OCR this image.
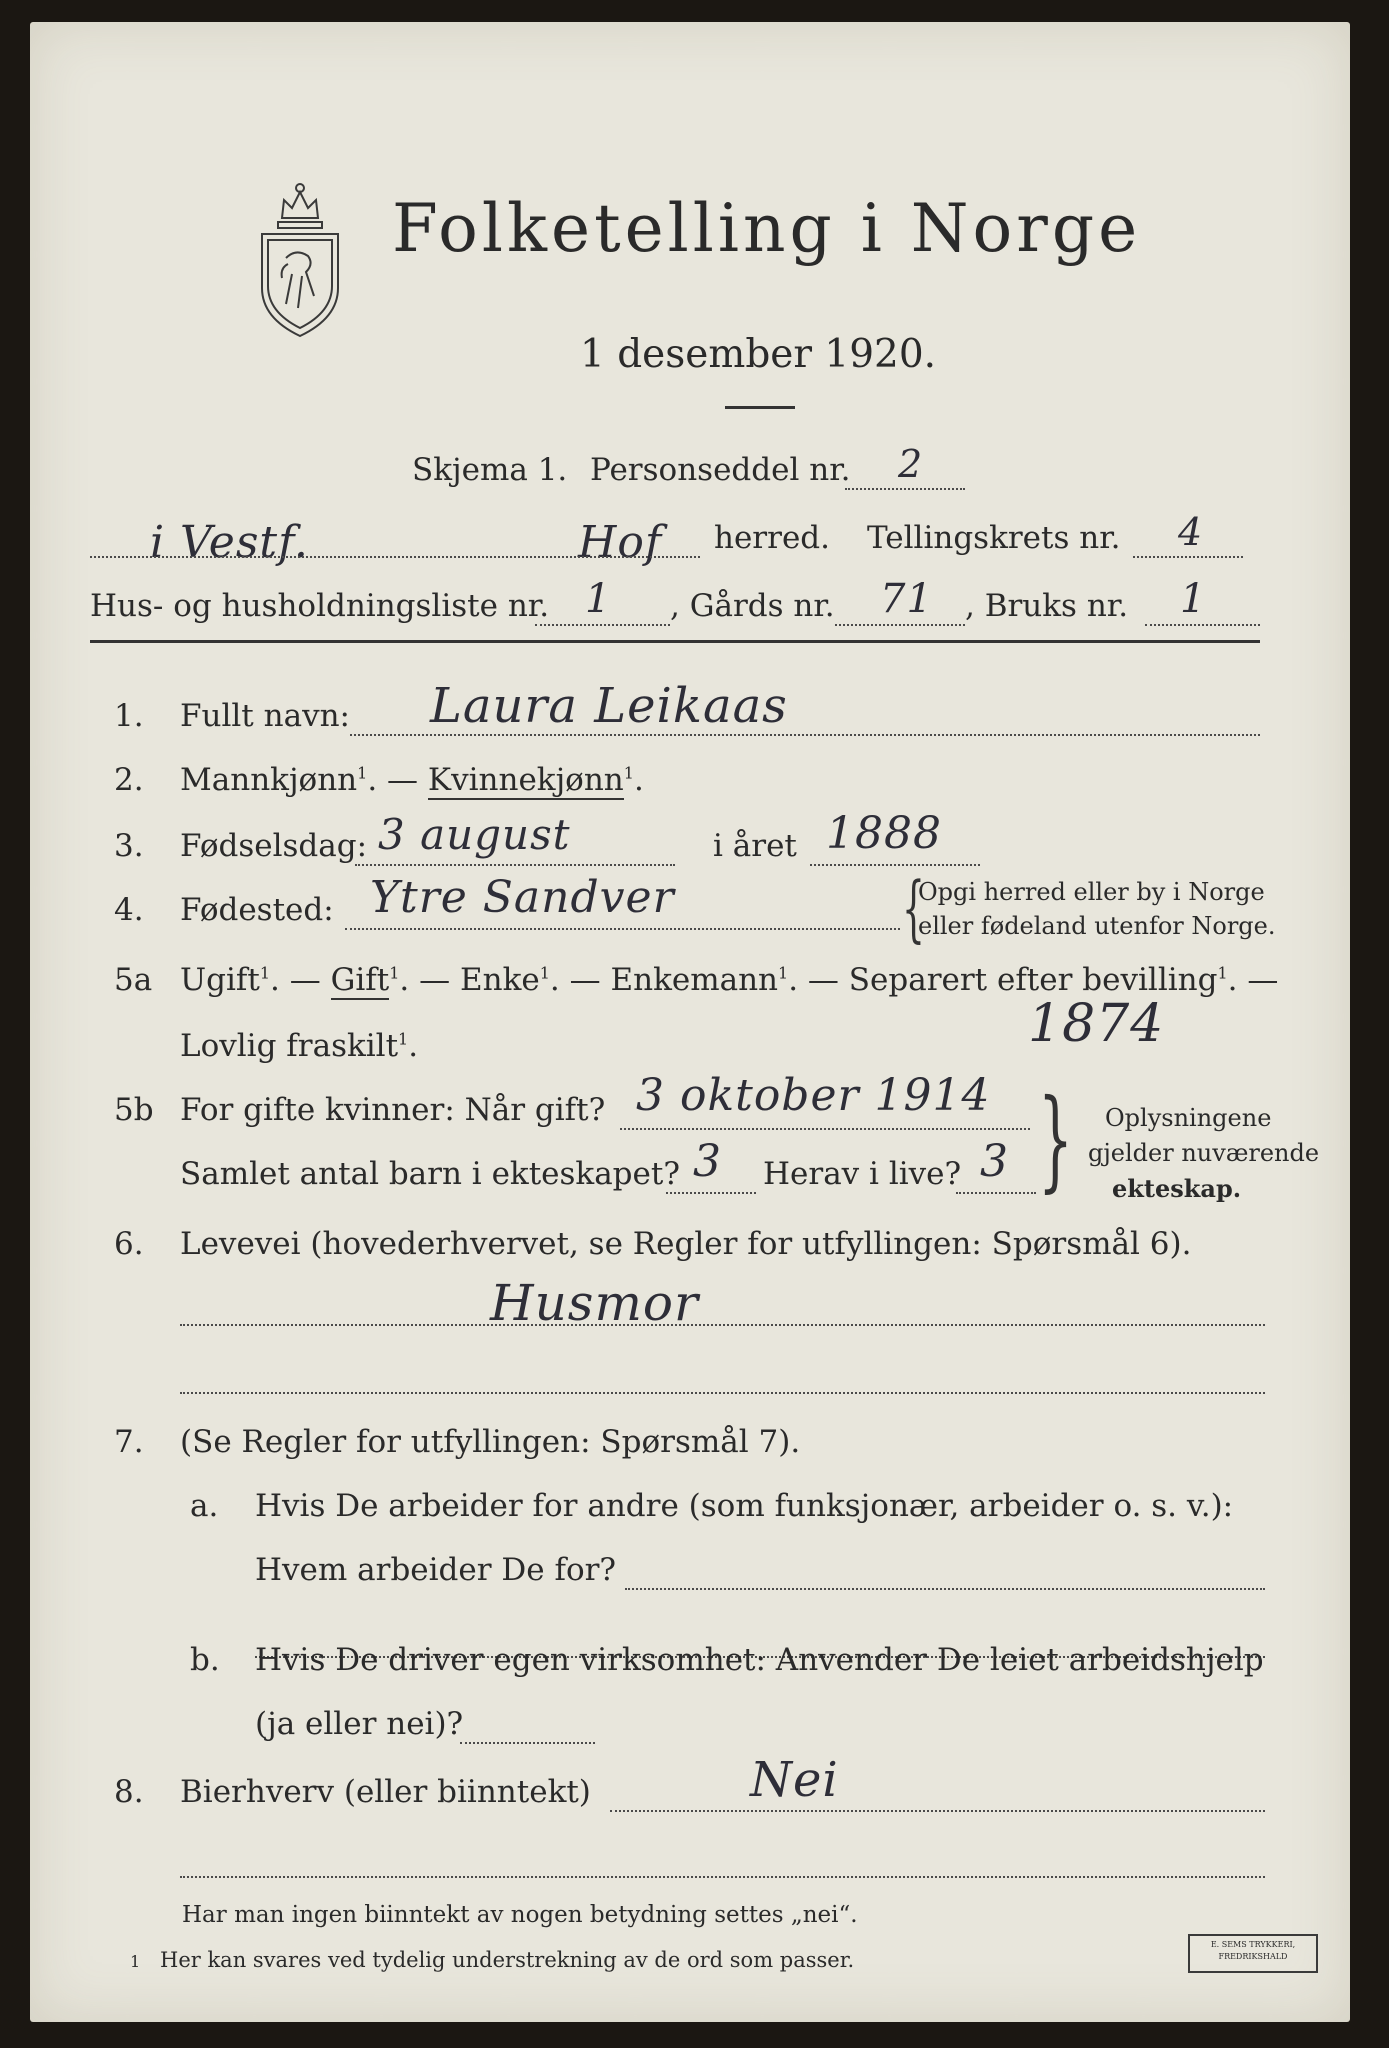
Folketelling i Norge
1 desember 1920.
Skjema 1. Personseddel nr. 2
i Vestf.	Hof herred. Tellingskrets nr. 4
Hus- og husholdningsliste nr. 1 , Gårds nr. 71 , Bruks nr. 1
1. Fullt navn: Laura Leikaas
2. Mannkjønn$^1$. — Kvinnekjønn$^1$.
3. Fødselsdag: 3 august	i året 1888
4. Fødested: Ytre Sandver	{
Opgi herred eller by i Norge
eller fødeland utenfor Norge.
5a Ugift$^1$. — Gift$^1$. — Enke$^1$. — Enkemann$^1$. — Separert efter bevilling$^1$. —
Lovlig fraskilt$^1$.	1874
5b For gifte kvinner: Når gift? 3 oktober 1914
Samlet antal barn i ekteskapet? 3 Herav i live? 3 } Oplysningene
gjelder nuværende
ekteskap.
6. Levevei (hovederhvervet, se Regler for utfyllingen: Spørsmål 6).
Husmor
7. (Se Regler for utfyllingen: Spørsmål 7).
a. Hvis De arbeider for andre (som funksjonær, arbeider o. s. v.):
Hvem arbeider De for?
b. Hvis De driver egen virksomhet: Anvender De leiet arbeidshjelp
(ja eller nei)?
8. Bierhverv (eller biinntekt)	Nei
Har man ingen biinntekt av nogen betydning settes „nei“.
1 Her kan svares ved tydelig understrekning av de ord som passer.
E. SEMS TRYKKERI, FREDRIKSHALD
